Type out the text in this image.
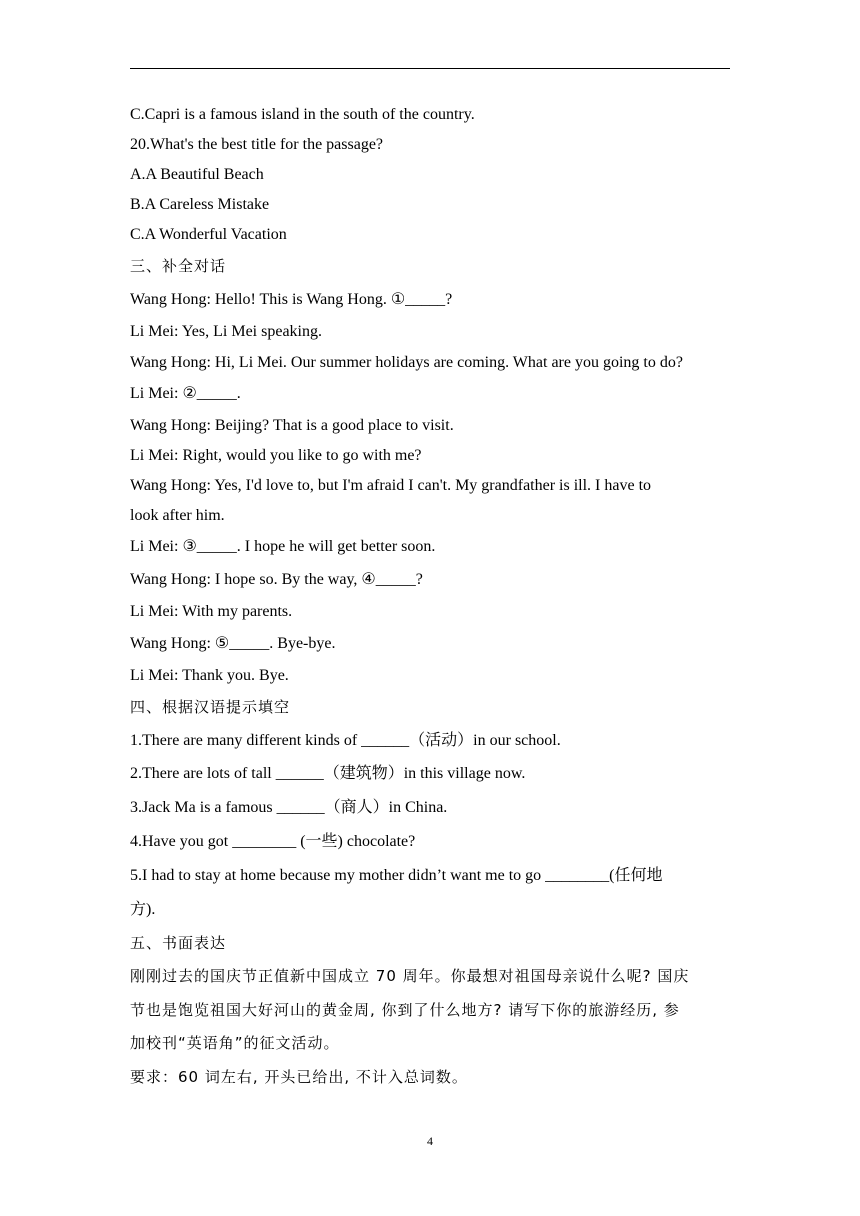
C.Capri is a famous island in the south of the country.
20.What's the best title for the passage?
A.A Beautiful Beach
B.A Careless Mistake
C.A Wonderful Vacation
三、补全对话
Wang Hong: Hello! This is Wang Hong. ①_____?
Li Mei: Yes, Li Mei speaking.
Wang Hong: Hi, Li Mei. Our summer holidays are coming. What are you going to do?
Li Mei: ②_____.
Wang Hong: Beijing? That is a good place to visit.
Li Mei: Right, would you like to go with me?
Wang Hong: Yes, I'd love to, but I'm afraid I can't. My grandfather is ill. I have to
look after him.
Li Mei: ③_____. I hope he will get better soon.
Wang Hong: I hope so. By the way, ④_____?
Li Mei: With my parents.
Wang Hong: ⑤_____. Bye-bye.
Li Mei: Thank you. Bye.
四、根据汉语提示填空
1.There are many different kinds of ______（活动）in our school.
2.There are lots of tall ______（建筑物）in this village now.
3.Jack Ma is a famous ______（商人）in China.
4.Have you got ________ (一些) chocolate?
5.I had to stay at home because my mother didn’t want me to go ________(任何地
方).
五、书面表达
刚刚过去的国庆节正值新中国成立 70 周年。你最想对祖国母亲说什么呢? 国庆
节也是饱览祖国大好河山的黄金周, 你到了什么地方? 请写下你的旅游经历, 参
加校刊“英语角”的征文活动。
要求：60 词左右, 开头已给出, 不计入总词数。
4
